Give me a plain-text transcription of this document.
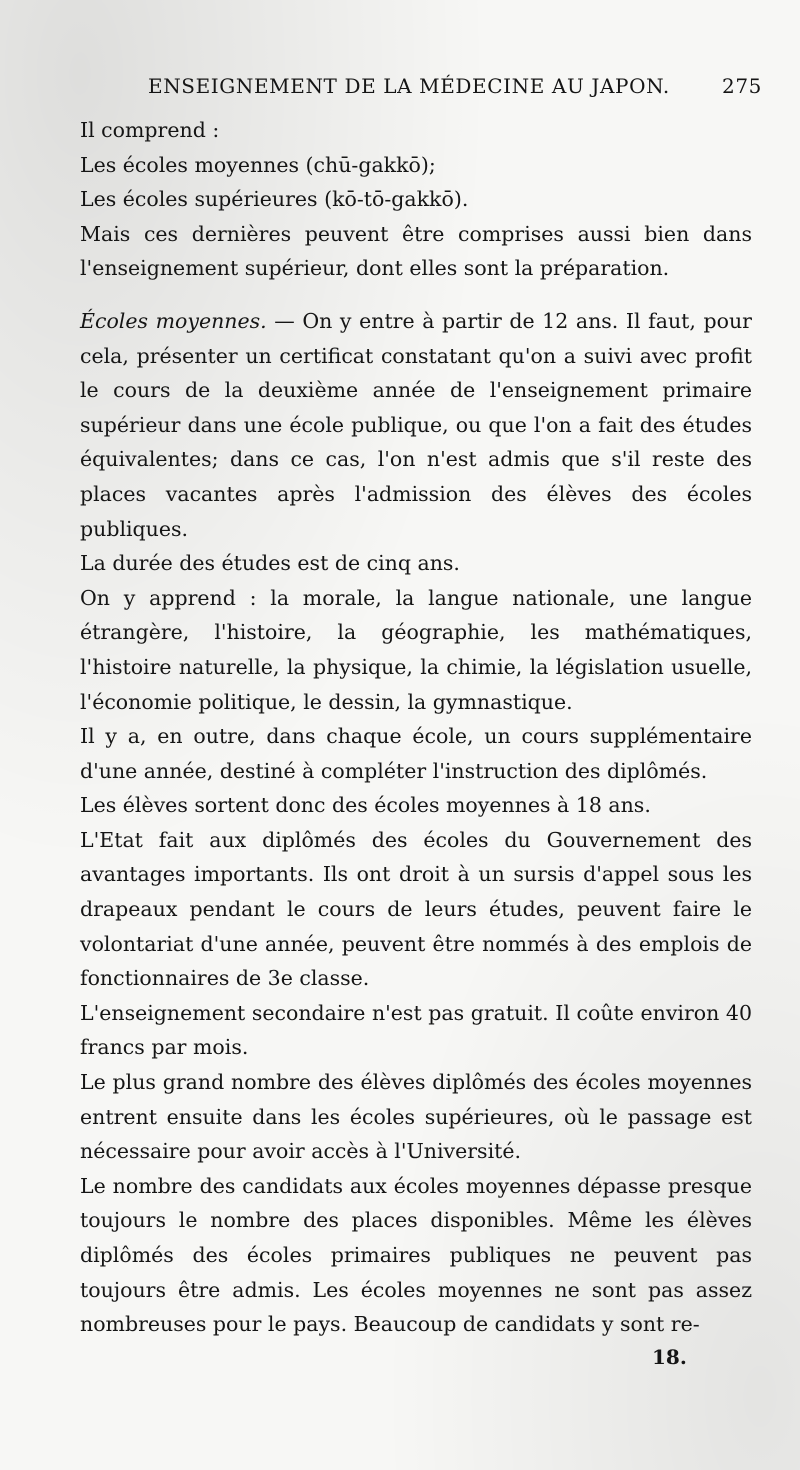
ENSEIGNEMENT DE LA MÉDECINE AU JAPON.	275

Il comprend :

Les écoles moyennes (chū-gakkō);

Les écoles supérieures (kō-tō-gakkō).

Mais ces dernières peuvent être comprises aussi bien dans l'enseignement supérieur, dont elles sont la préparation.

Écoles moyennes. — On y entre à partir de 12 ans. Il faut, pour cela, présenter un certificat constatant qu'on a suivi avec profit le cours de la deuxième année de l'enseignement primaire supérieur dans une école publique, ou que l'on a fait des études équivalentes; dans ce cas, l'on n'est admis que s'il reste des places vacantes après l'admission des élèves des écoles publiques.

La durée des études est de cinq ans.

On y apprend : la morale, la langue nationale, une langue étrangère, l'histoire, la géographie, les mathématiques, l'histoire naturelle, la physique, la chimie, la législation usuelle, l'économie politique, le dessin, la gymnastique.

Il y a, en outre, dans chaque école, un cours supplémentaire d'une année, destiné à compléter l'instruction des diplômés.

Les élèves sortent donc des écoles moyennes à 18 ans.

L'Etat fait aux diplômés des écoles du Gouvernement des avantages importants. Ils ont droit à un sursis d'appel sous les drapeaux pendant le cours de leurs études, peuvent faire le volontariat d'une année, peuvent être nommés à des emplois de fonctionnaires de 3e classe.

L'enseignement secondaire n'est pas gratuit. Il coûte environ 40 francs par mois.

Le plus grand nombre des élèves diplômés des écoles moyennes entrent ensuite dans les écoles supérieures, où le passage est nécessaire pour avoir accès à l'Université.

Le nombre des candidats aux écoles moyennes dépasse presque toujours le nombre des places disponibles. Même les élèves diplômés des écoles primaires publiques ne peuvent pas toujours être admis. Les écoles moyennes ne sont pas assez nombreuses pour le pays. Beaucoup de candidats y sont re-

18.
